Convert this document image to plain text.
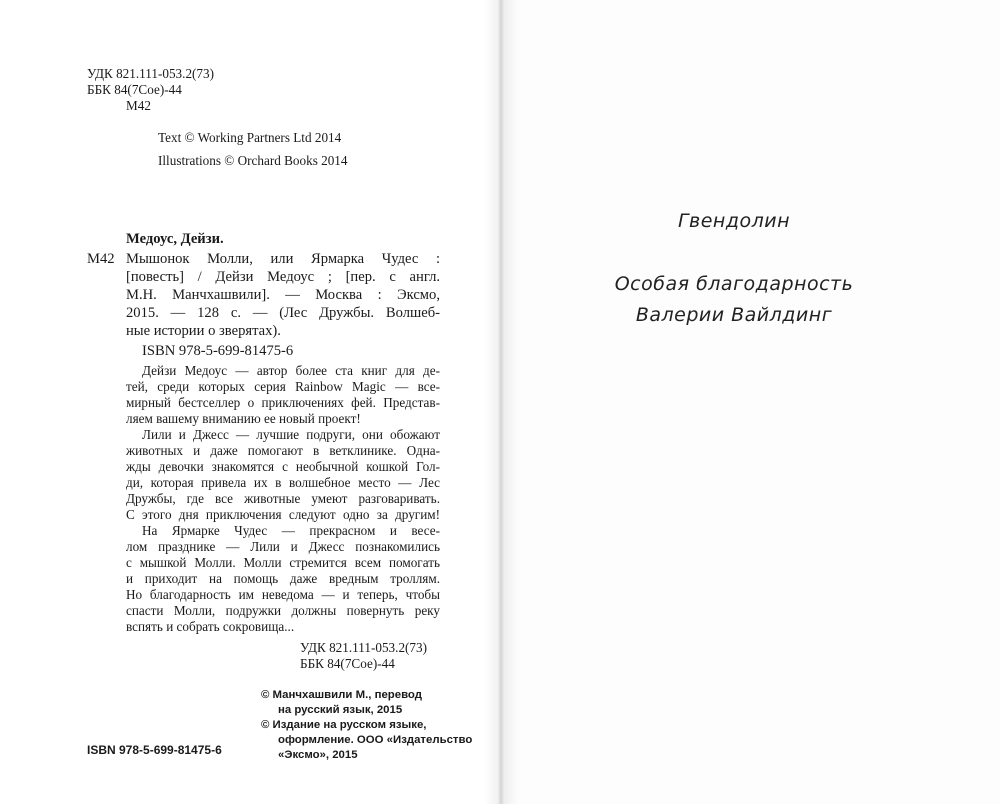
УДК 821.111-053.2(73)
ББК 84(7Сое)-44
М42
Text © Working Partners Ltd 2014
Illustrations © Orchard Books 2014
Медоус, Дейзи.
М42 Мышонок Молли, или Ярмарка Чудес :
[повесть] / Дейзи Медоус ; [пер. с англ.
М.Н. Манчхашвили]. — Москва : Эксмо,
2015. — 128 с. — (Лес Дружбы. Волшеб-
ные истории о зверятах).
ISBN 978-5-699-81475-6
Дейзи Медоус — автор более ста книг для де-
тей, среди которых серия Rainbow Magic — все-
мирный бестселлер о приключениях фей. Представ-
ляем вашему вниманию ее новый проект!
Лили и Джесс — лучшие подруги, они обожают
животных и даже помогают в ветклинике. Однa-
жды девочки знакомятся с необычной кошкой Гол-
ди, которая привела их в волшебное место — Лес
Дружбы, где все животные умеют разговаривать.
С этого дня приключения следуют одно за другим!
На Ярмарке Чудес — прекрасном и весе-
лом празднике — Лили и Джесс познакомились
с мышкой Молли. Молли стремится всем помогать
и приходит на помощь даже вредным троллям.
Но благодарность им неведома — и теперь, чтобы
спасти Молли, подружки должны повернуть реку
вспять и собрать сокровища...
УДК 821.111-053.2(73)
ББК 84(7Сое)-44
© Манчхашвили М., перевод
на русский язык, 2015
© Издание на русском языке,
оформление. ООО «Издательство
«Эксмо», 2015
ISBN 978-5-699-81475-6
Гвендолин
Особая благодарность
Валерии Вайлдинг
